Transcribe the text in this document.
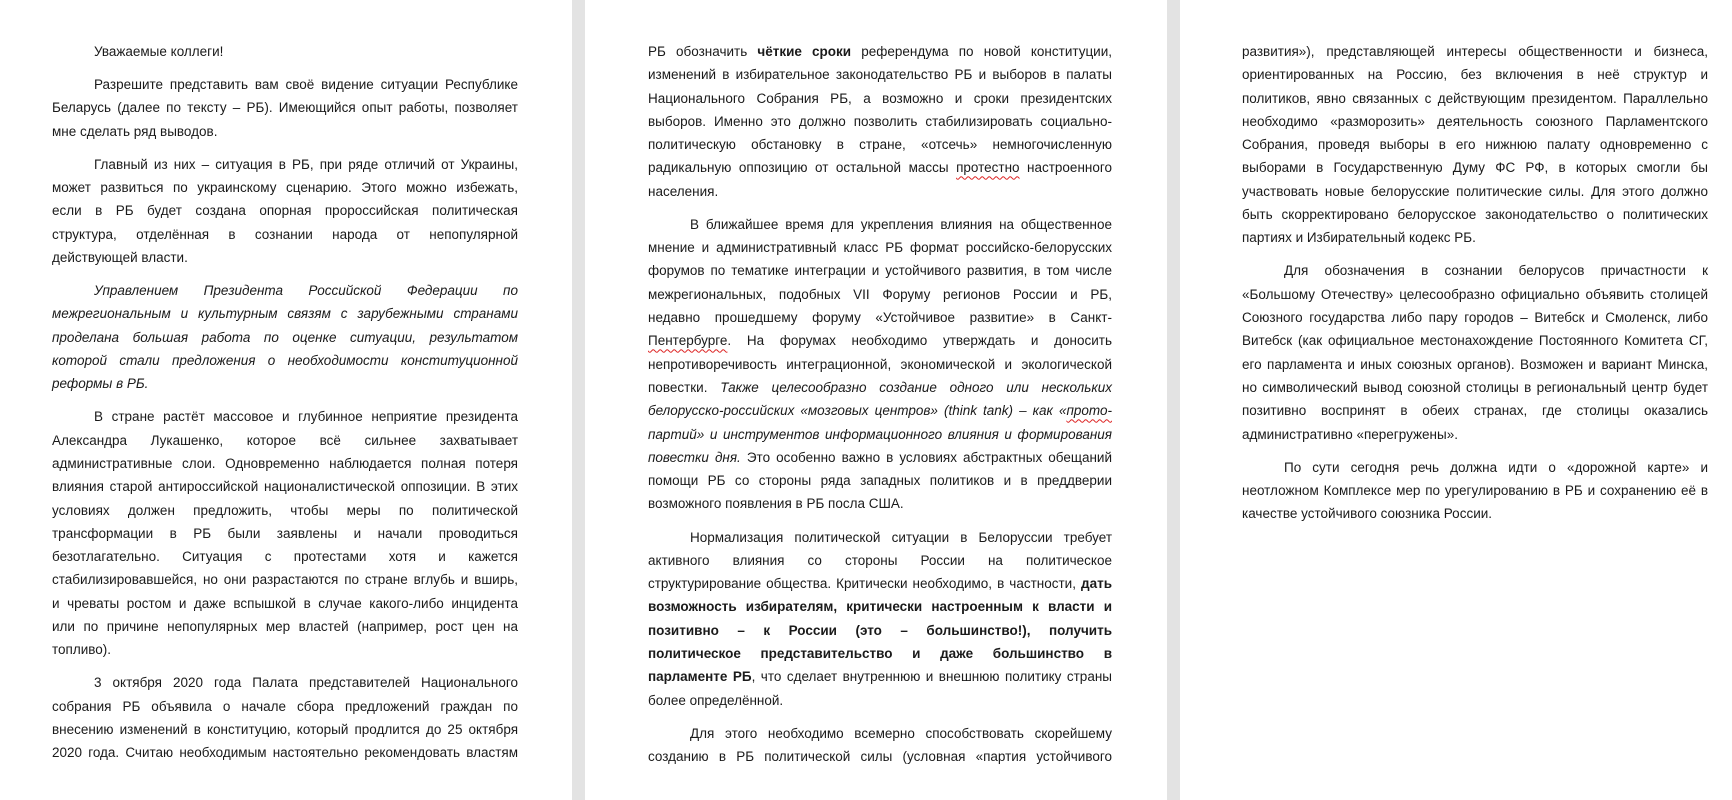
Уважаемые коллеги!
Разрешите представить вам своё видение ситуации Республике
Беларусь (далее по тексту – РБ). Имеющийся опыт работы, позволяет
мне сделать ряд выводов.
Главный из них – ситуация в РБ, при ряде отличий от Украины,
может развиться по украинскому сценарию. Этого можно избежать,
если в РБ будет создана опорная пророссийская политическая
структура, отделённая в сознании народа от непопулярной
действующей власти.
Управлением Президента Российской Федерации по
межрегиональным и культурным связям с зарубежными странами
проделана большая работа по оценке ситуации, результатом
которой стали предложения о необходимости конституционной
реформы в РБ.
В стране растёт массовое и глубинное неприятие президента
Александра Лукашенко, которое всё сильнее захватывает
административные слои. Одновременно наблюдается полная потеря
влияния старой антироссийской националистической оппозиции. В этих
условиях должен предложить, чтобы меры по политической
трансформации в РБ были заявлены и начали проводиться
безотлагательно. Ситуация с протестами хотя и кажется
стабилизировавшейся, но они разрастаются по стране вглубь и вширь,
и чреваты ростом и даже вспышкой в случае какого-либо инцидента
или по причине непопулярных мер властей (например, рост цен на
топливо).
3 октября 2020 года Палата представителей Национального
собрания РБ объявила о начале сбора предложений граждан по
внесению изменений в конституцию, который продлится до 25 октября
2020 года. Считаю необходимым настоятельно рекомендовать властям
РБ обозначить чёткие сроки референдума по новой конституции,
изменений в избирательное законодательство РБ и выборов в палаты
Национального Собрания РБ, а возможно и сроки президентских
выборов. Именно это должно позволить стабилизировать социально-
политическую обстановку в стране, «отсечь» немногочисленную
радикальную оппозицию от остальной массы протестно настроенного
населения.
В ближайшее время для укрепления влияния на общественное
мнение и административный класс РБ формат российско-белорусских
форумов по тематике интеграции и устойчивого развития, в том числе
межрегиональных, подобных VII Форуму регионов России и РБ,
недавно прошедшему форуму «Устойчивое развитие» в Санкт-
Пентербурге. На форумах необходимо утверждать и доносить
непротиворечивость интеграционной, экономической и экологической
повестки. Также целесообразно создание одного или нескольких
белорусско-российских «мозговых центров» (think tank) – как «прото-
партий» и инструментов информационного влияния и формирования
повестки дня. Это особенно важно в условиях абстрактных обещаний
помощи РБ со стороны ряда западных политиков и в преддверии
возможного появления в РБ посла США.
Нормализация политической ситуации в Белоруссии требует
активного влияния со стороны России на политическое
структурирование общества. Критически необходимо, в частности, дать
возможность избирателям, критически настроенным к власти и
позитивно – к России (это – большинство!), получить
политическое представительство и даже большинство в
парламенте РБ, что сделает внутреннюю и внешнюю политику страны
более определённой.
Для этого необходимо всемерно способствовать скорейшему
созданию в РБ политической силы (условная «партия устойчивого
развития»), представляющей интересы общественности и бизнеса,
ориентированных на Россию, без включения в неё структур и
политиков, явно связанных с действующим президентом. Параллельно
необходимо «разморозить» деятельность союзного Парламентского
Собрания, проведя выборы в его нижнюю палату одновременно с
выборами в Государственную Думу ФС РФ, в которых смогли бы
участвовать новые белорусские политические силы. Для этого должно
быть скорректировано белорусское законодательство о политических
партиях и Избирательный кодекс РБ.
Для обозначения в сознании белорусов причастности к
«Большому Отечеству» целесообразно официально объявить столицей
Союзного государства либо пару городов – Витебск и Смоленск, либо
Витебск (как официальное местонахождение Постоянного Комитета СГ,
его парламента и иных союзных органов). Возможен и вариант Минска,
но символический вывод союзной столицы в региональный центр будет
позитивно воспринят в обеих странах, где столицы оказались
административно «перегружены».
По сути сегодня речь должна идти о «дорожной карте» и
неотложном Комплексе мер по урегулированию в РБ и сохранению её в
качестве устойчивого союзника России.
